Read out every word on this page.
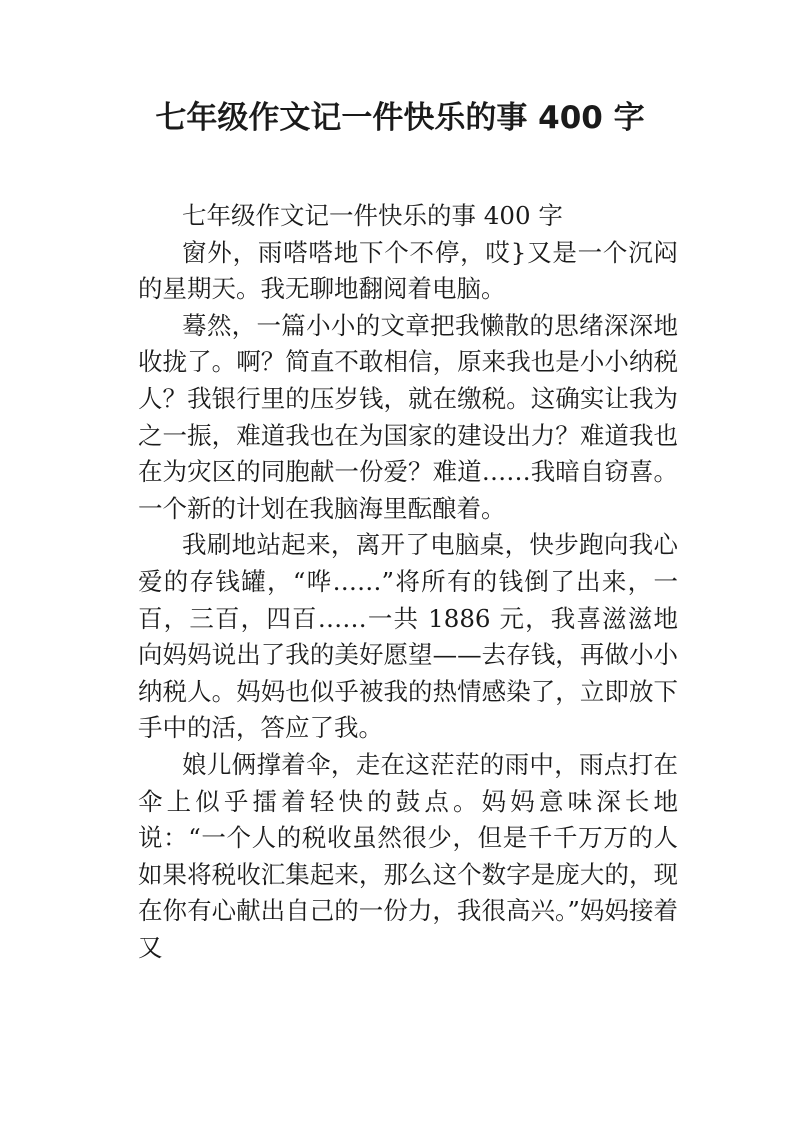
七年级作文记一件快乐的事 400 字

七年级作文记一件快乐的事 400 字

窗外，雨嗒嗒地下个不停，哎}又是一个沉闷的星期天。我无聊地翻阅着电脑。

蓦然，一篇小小的文章把我懒散的思绪深深地收拢了。啊？简直不敢相信，原来我也是小小纳税人？我银行里的压岁钱，就在缴税。这确实让我为之一振，难道我也在为国家的建设出力？难道我也在为灾区的同胞献一份爱？难道……我暗自窃喜。一个新的计划在我脑海里酝酿着。

我刷地站起来，离开了电脑桌，快步跑向我心爱的存钱罐，“哗……”将所有的钱倒了出来，一百，三百，四百……一共 1886 元，我喜滋滋地向妈妈说出了我的美好愿望——去存钱，再做小小纳税人。妈妈也似乎被我的热情感染了，立即放下手中的活，答应了我。

娘儿俩撑着伞，走在这茫茫的雨中，雨点打在伞上似乎擂着轻快的鼓点。妈妈意味深长地说：“一个人的税收虽然很少，但是千千万万的人如果将税收汇集起来，那么这个数字是庞大的，现在你有心献出自己的一份力，我很高兴。”妈妈接着又
